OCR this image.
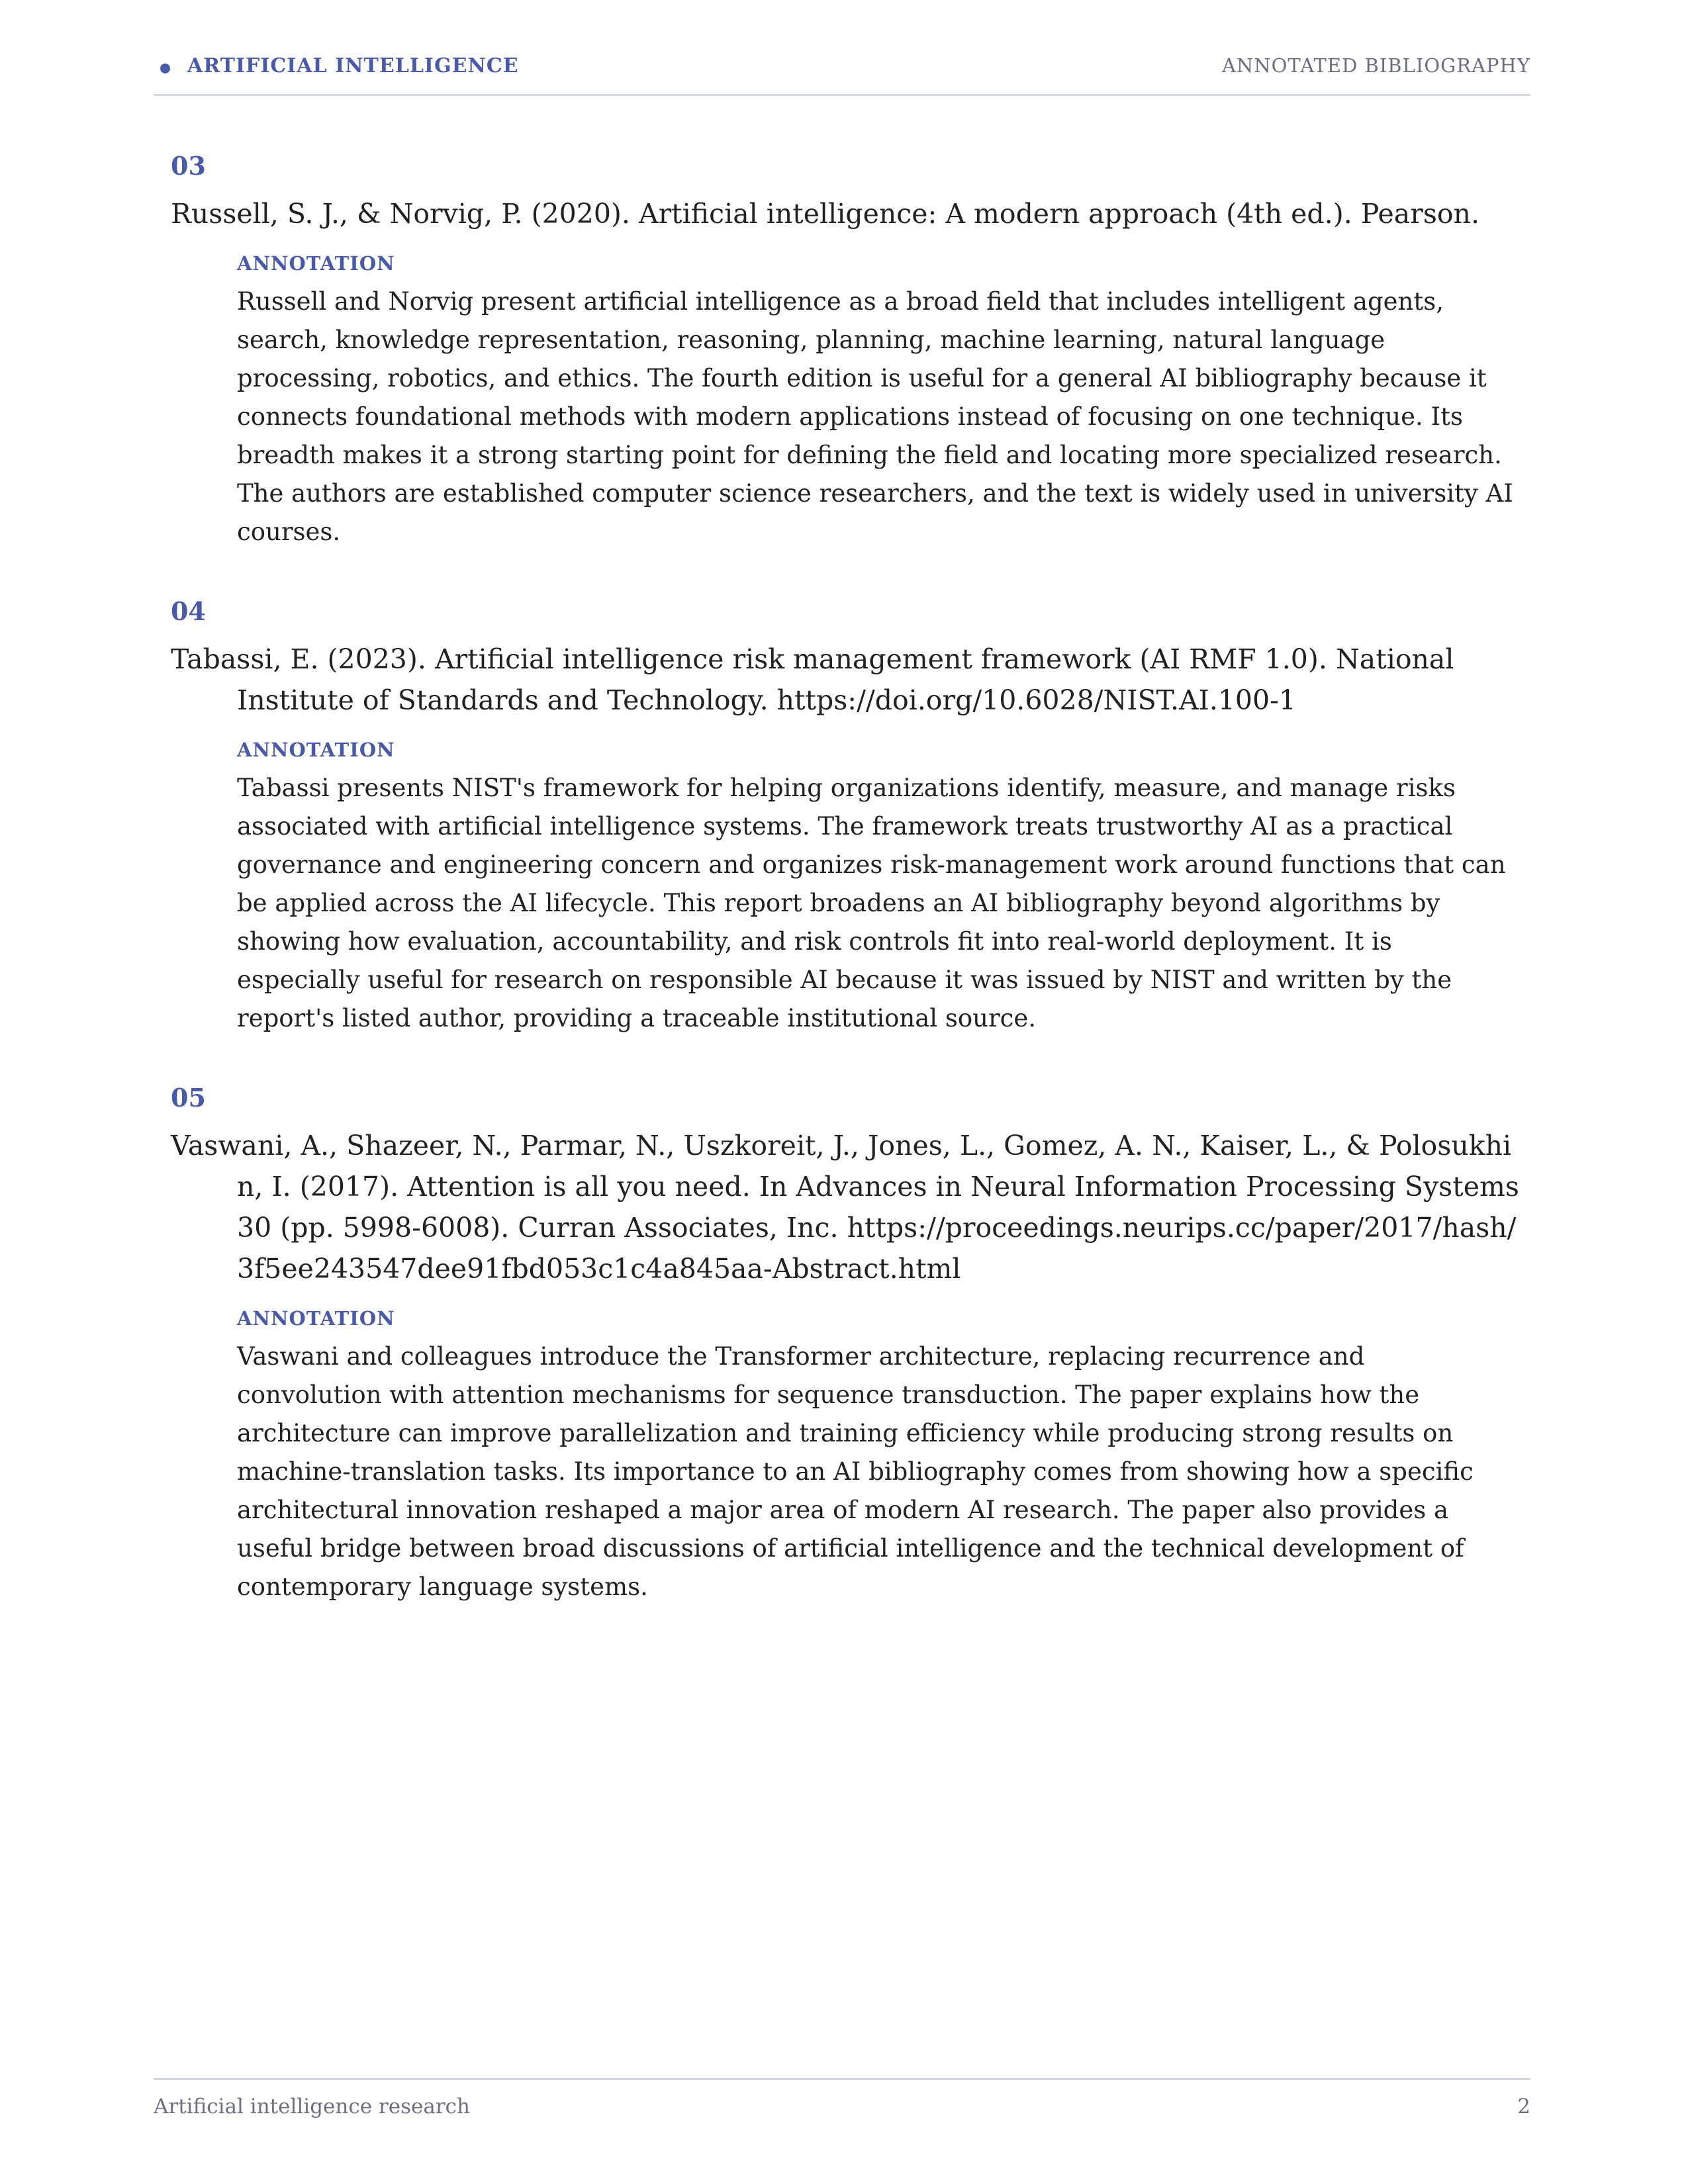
ARTIFICIAL INTELLIGENCE	ANNOTATED BIBLIOGRAPHY
03
Russell, S. J., & Norvig, P. (2020). Artificial intelligence: A modern approach (4th ed.). Pearson.
ANNOTATION
Russell and Norvig present artificial intelligence as a broad field that includes intelligent agents, search, knowledge representation, reasoning, planning, machine learning, natural language processing, robotics, and ethics. The fourth edition is useful for a general AI bibliography because it connects foundational methods with modern applications instead of focusing on one technique. Its breadth makes it a strong starting point for defining the field and locating more specialized research. The authors are established computer science researchers, and the text is widely used in university AI courses.
04
Tabassi, E. (2023). Artificial intelligence risk management framework (AI RMF 1.0). National Institute of Standards and Technology. https://doi.org/10.6028/NIST.AI.100-1
ANNOTATION
Tabassi presents NIST's framework for helping organizations identify, measure, and manage risks associated with artificial intelligence systems. The framework treats trustworthy AI as a practical governance and engineering concern and organizes risk-management work around functions that can be applied across the AI lifecycle. This report broadens an AI bibliography beyond algorithms by showing how evaluation, accountability, and risk controls fit into real-world deployment. It is especially useful for research on responsible AI because it was issued by NIST and written by the report's listed author, providing a traceable institutional source.
05
Vaswani, A., Shazeer, N., Parmar, N., Uszkoreit, J., Jones, L., Gomez, A. N., Kaiser, L., & Polosukhin, I. (2017). Attention is all you need. In Advances in Neural Information Processing Systems 30 (pp. 5998-6008). Curran Associates, Inc. https://proceedings.neurips.cc/paper/2017/hash/3f5ee243547dee91fbd053c1c4a845aa-Abstract.html
ANNOTATION
Vaswani and colleagues introduce the Transformer architecture, replacing recurrence and convolution with attention mechanisms for sequence transduction. The paper explains how the architecture can improve parallelization and training efficiency while producing strong results on machine-translation tasks. Its importance to an AI bibliography comes from showing how a specific architectural innovation reshaped a major area of modern AI research. The paper also provides a useful bridge between broad discussions of artificial intelligence and the technical development of contemporary language systems.
Artificial intelligence research	2
